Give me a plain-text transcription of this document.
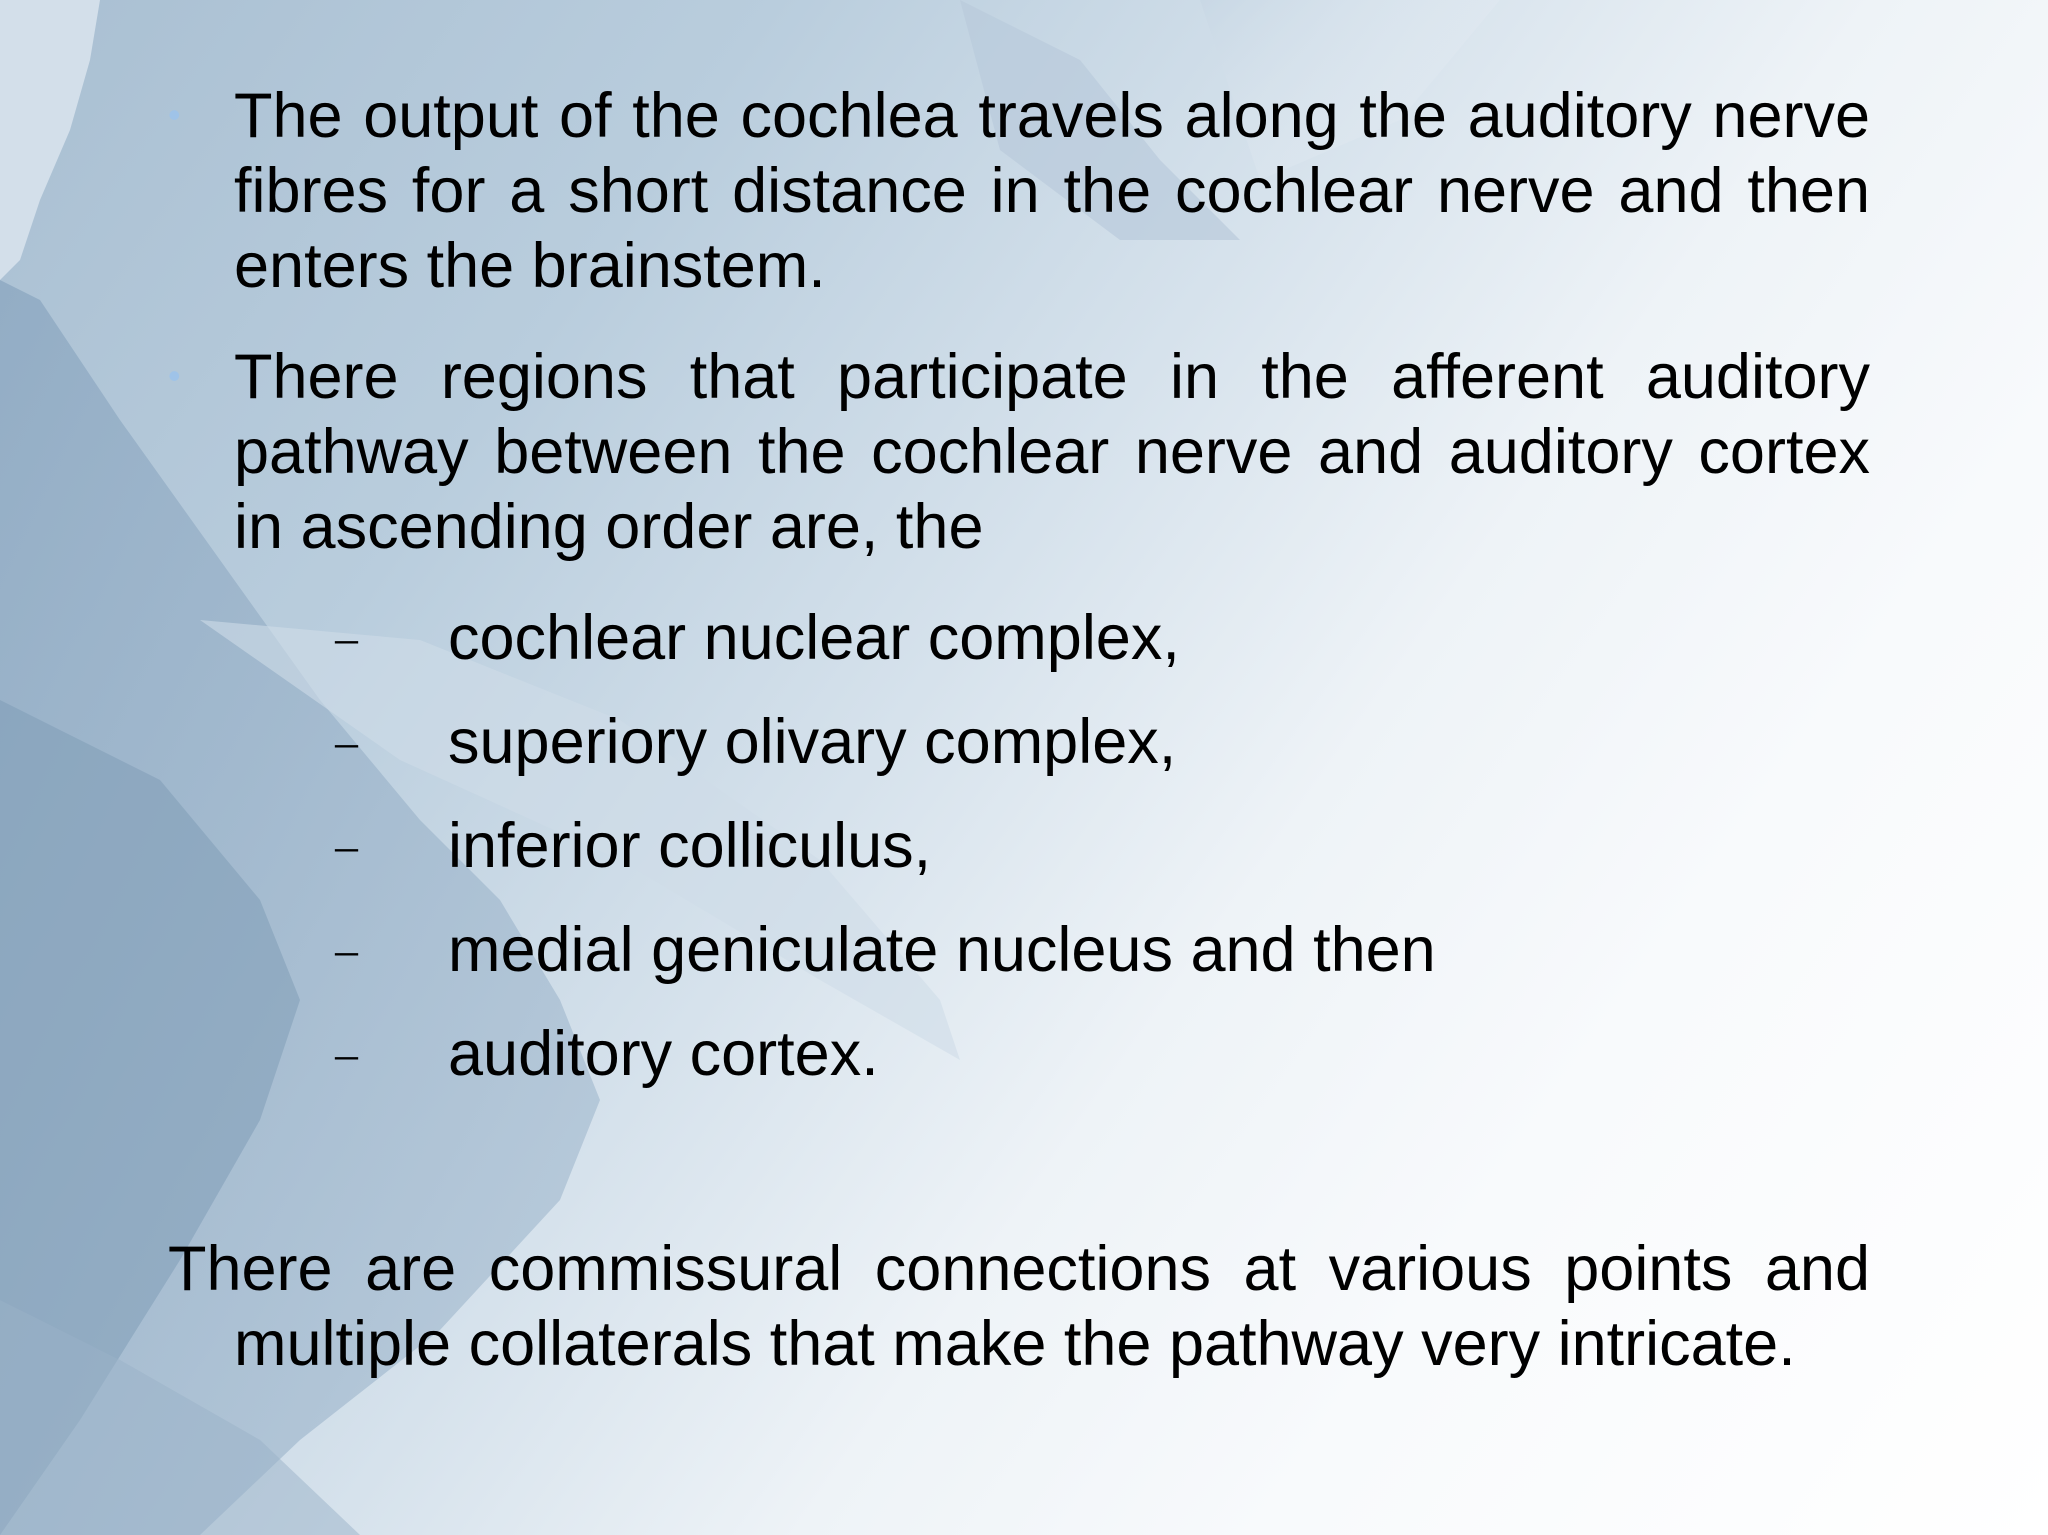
• The output of the cochlea travels along the auditory nerve fibres for a short distance in the cochlear nerve and then enters the brainstem.
• There regions that participate in the afferent auditory pathway between the cochlear nerve and auditory cortex in ascending order are, the
– cochlear nuclear complex,
– superiory olivary complex,
– inferior colliculus,
– medial geniculate nucleus and then
– auditory cortex.
There are commissural connections at various points and multiple collaterals that make the pathway very intricate.
